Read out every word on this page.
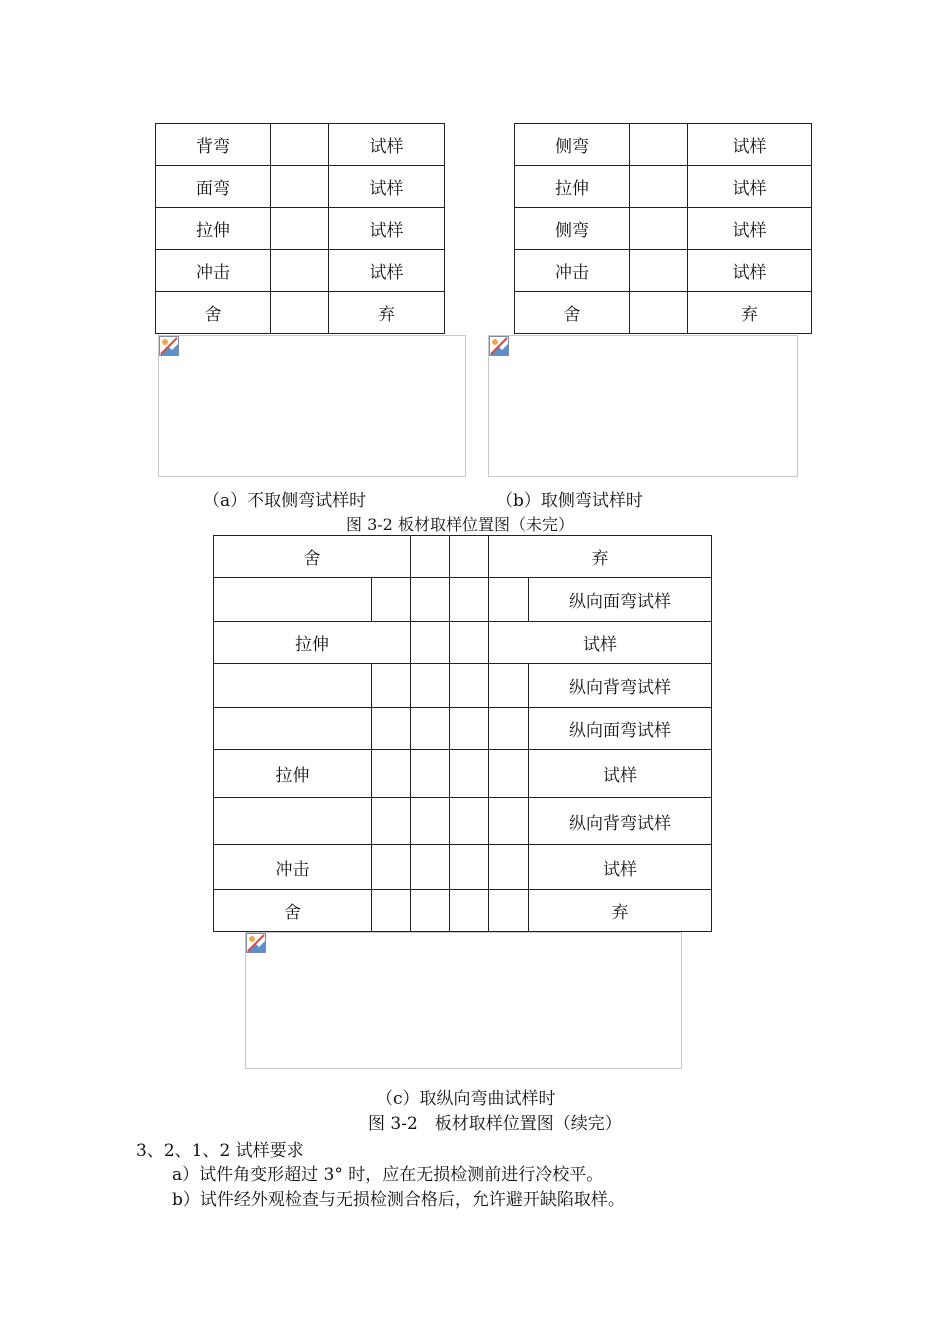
背弯		试样
面弯		试样
拉伸		试样
冲击		试样
舍		弃
侧弯		试样
拉伸		试样
侧弯		试样
冲击		试样
舍		弃
（a）不取侧弯试样时	（b）取侧弯试样时
图 3-2 板材取样位置图（未完）
舍				弃	
					纵向面弯试样
拉伸				试样	
					纵向背弯试样
					纵向面弯试样
拉伸					试样
					纵向背弯试样
冲击					试样
舍					弃
（c）取纵向弯曲试样时
图 3-2　板材取样位置图（续完）
3、2、1、2 试样要求
a）试件角变形超过 3° 时，应在无损检测前进行冷校平。
b）试件经外观检查与无损检测合格后，允许避开缺陷取样。
